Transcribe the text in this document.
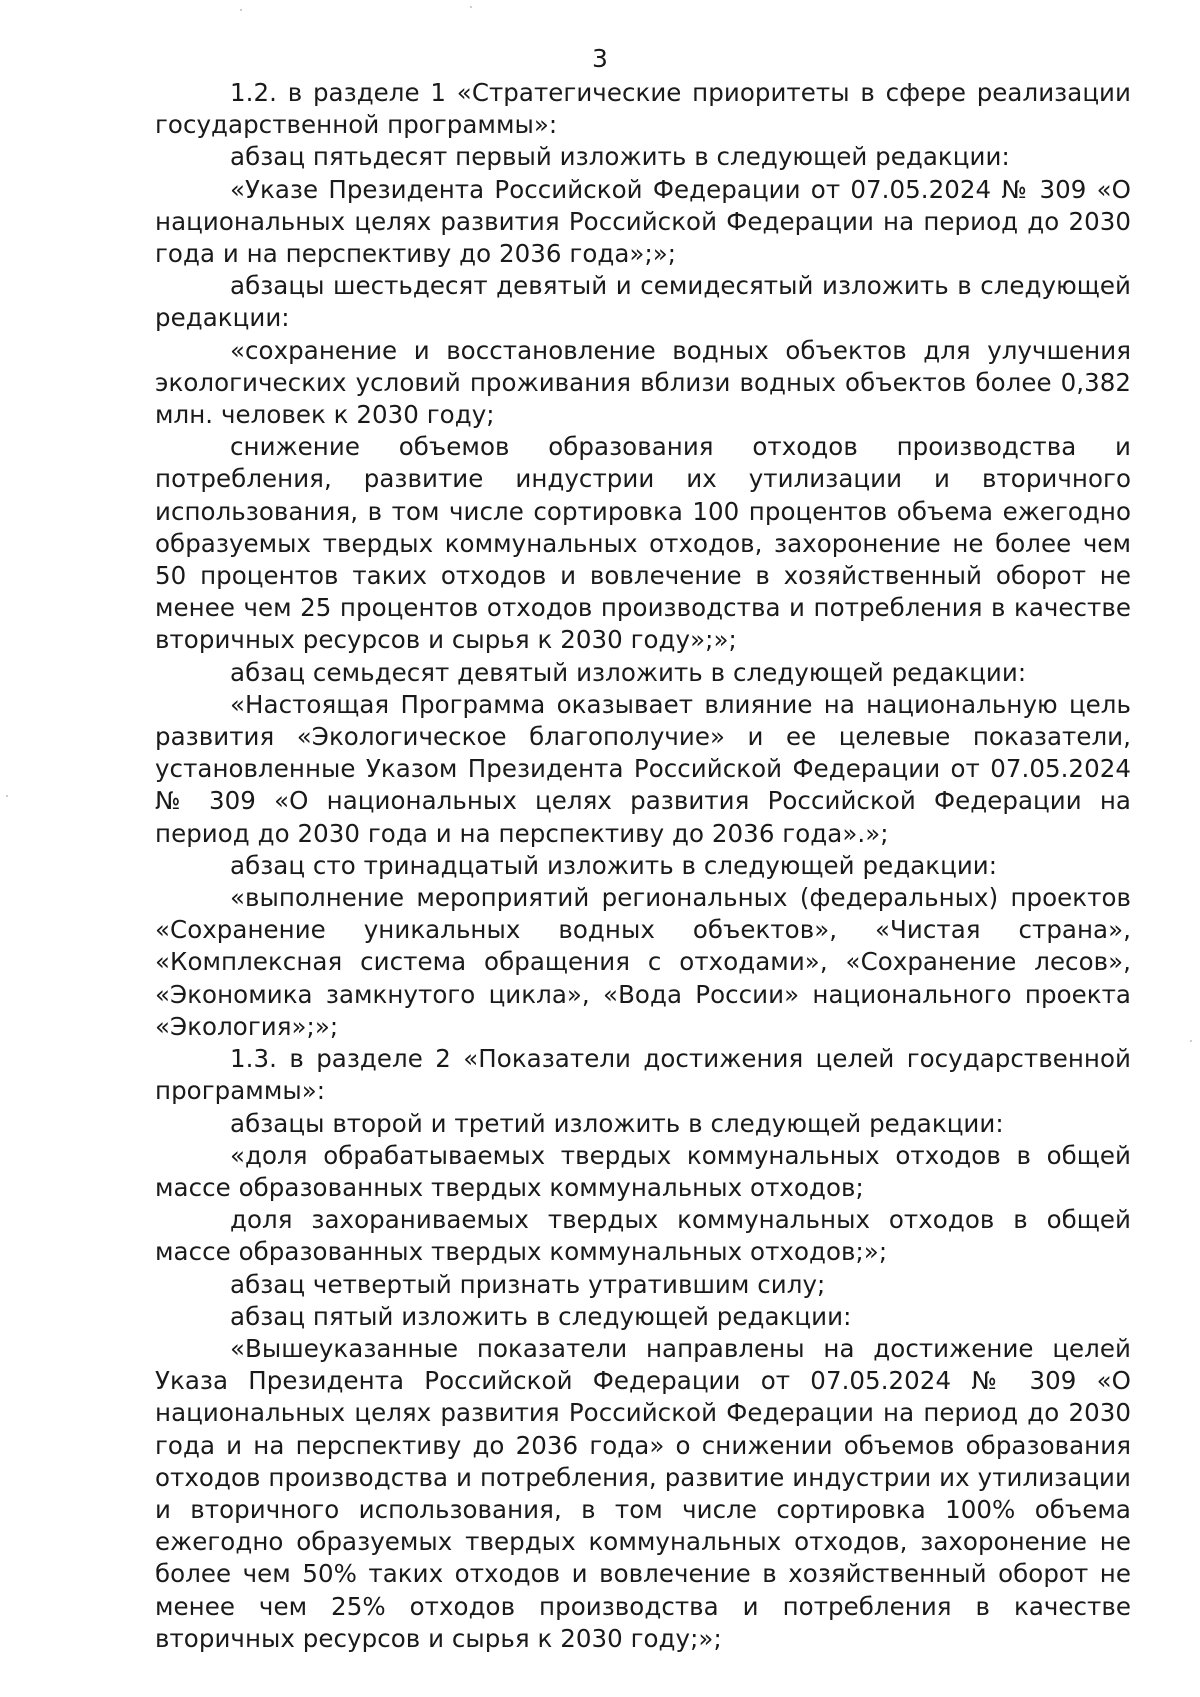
3

1.2. в разделе 1 «Стратегические приоритеты в сфере реализации государственной программы»:

абзац пятьдесят первый изложить в следующей редакции:

«Указе Президента Российской Федерации от 07.05.2024 № 309 «О национальных целях развития Российской Федерации на период до 2030 года и на перспективу до 2036 года»;»;

абзацы шестьдесят девятый и семидесятый изложить в следующей редакции:

«сохранение и восстановление водных объектов для улучшения экологических условий проживания вблизи водных объектов более 0,382 млн. человек к 2030 году;

снижение объемов образования отходов производства и потребления, развитие индустрии их утилизации и вторичного использования, в том числе сортировка 100 процентов объема ежегодно образуемых твердых коммунальных отходов, захоронение не более чем 50 процентов таких отходов и вовлечение в хозяйственный оборот не менее чем 25 процентов отходов производства и потребления в качестве вторичных ресурсов и сырья к 2030 году»;»;

абзац семьдесят девятый изложить в следующей редакции:

«Настоящая Программа оказывает влияние на национальную цель развития «Экологическое благополучие» и ее целевые показатели, установленные Указом Президента Российской Федерации от 07.05.2024 № 309 «О национальных целях развития Российской Федерации на период до 2030 года и на перспективу до 2036 года».»;

абзац сто тринадцатый изложить в следующей редакции:

«выполнение мероприятий региональных (федеральных) проектов «Сохранение уникальных водных объектов», «Чистая страна», «Комплексная система обращения с отходами», «Сохранение лесов», «Экономика замкнутого цикла», «Вода России» национального проекта «Экология»;»;

1.3. в разделе 2 «Показатели достижения целей государственной программы»:

абзацы второй и третий изложить в следующей редакции:

«доля обрабатываемых твердых коммунальных отходов в общей массе образованных твердых коммунальных отходов;

доля захораниваемых твердых коммунальных отходов в общей массе образованных твердых коммунальных отходов;»;

абзац четвертый признать утратившим силу;

абзац пятый изложить в следующей редакции:

«Вышеуказанные показатели направлены на достижение целей Указа Президента Российской Федерации от 07.05.2024 № 309 «О национальных целях развития Российской Федерации на период до 2030 года и на перспективу до 2036 года» о снижении объемов образования отходов производства и потребления, развитие индустрии их утилизации и вторичного использования, в том числе сортировка 100% объема ежегодно образуемых твердых коммунальных отходов, захоронение не более чем 50% таких отходов и вовлечение в хозяйственный оборот не менее чем 25% отходов производства и потребления в качестве вторичных ресурсов и сырья к 2030 году;»;
